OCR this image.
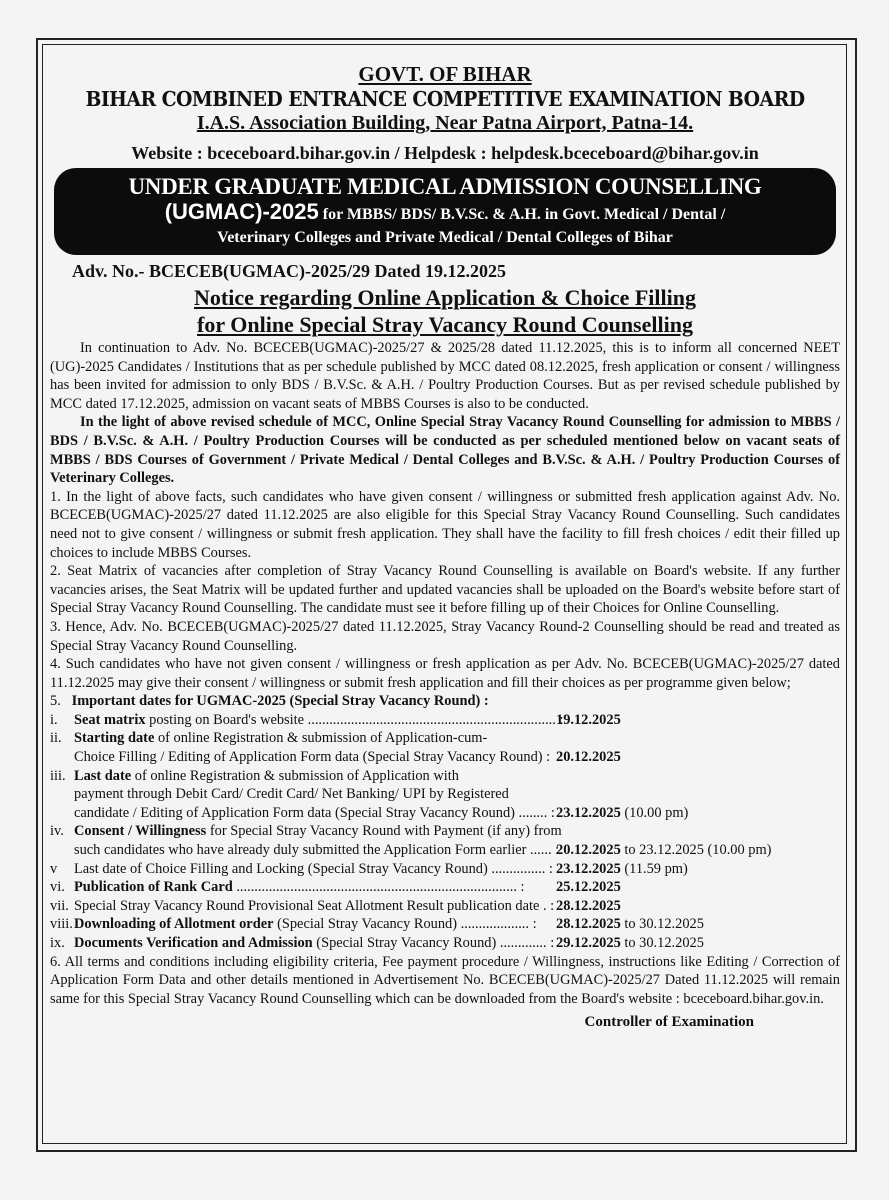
GOVT. OF BIHAR
BIHAR COMBINED ENTRANCE COMPETITIVE EXAMINATION BOARD
I.A.S. Association Building, Near Patna Airport, Patna-14.
Website : bceceboard.bihar.gov.in / Helpdesk : helpdesk.bceceboard@bihar.gov.in
UNDER GRADUATE MEDICAL ADMISSION COUNSELLING
(UGMAC)-2025 for MBBS/ BDS/ B.V.Sc. & A.H. in Govt. Medical / Dental /
Veterinary Colleges and Private Medical / Dental Colleges of Bihar
Adv. No.- BCECEB(UGMAC)-2025/29 Dated 19.12.2025
Notice regarding Online Application & Choice Filling
for Online Special Stray Vacancy Round Counselling

In continuation to Adv. No. BCECEB(UGMAC)-2025/27 & 2025/28 dated 11.12.2025, this is to inform all concerned NEET (UG)-2025 Candidates / Institutions that as per schedule published by MCC dated 08.12.2025, fresh application or consent / willingness has been invited for admission to only BDS / B.V.Sc. & A.H. / Poultry Production Courses. But as per revised schedule published by MCC dated 17.12.2025, admission on vacant seats of MBBS Courses is also to be conducted.

In the light of above revised schedule of MCC, Online Special Stray Vacancy Round Counselling for admission to MBBS / BDS / B.V.Sc. & A.H. / Poultry Production Courses will be conducted as per scheduled mentioned below on vacant seats of MBBS / BDS Courses of Government / Private Medical / Dental Colleges and B.V.Sc. & A.H. / Poultry Production Courses of Veterinary Colleges.

1. In the light of above facts, such candidates who have given consent / willingness or submitted fresh application against Adv. No. BCECEB(UGMAC)-2025/27 dated 11.12.2025 are also eligible for this Special Stray Vacancy Round Counselling. Such candidates need not to give consent / willingness or submit fresh application. They shall have the facility to fill fresh choices / edit their filled up choices to include MBBS Courses.

2. Seat Matrix of vacancies after completion of Stray Vacancy Round Counselling is available on Board's website. If any further vacancies arises, the Seat Matrix will be updated further and updated vacancies shall be uploaded on the Board's website before start of Special Stray Vacancy Round Counselling. The candidate must see it before filling up of their Choices for Online Counselling.

3. Hence, Adv. No. BCECEB(UGMAC)-2025/27 dated 11.12.2025, Stray Vacancy Round-2 Counselling should be read and treated as Special Stray Vacancy Round Counselling.

4. Such candidates who have not given consent / willingness or fresh application as per Adv. No. BCECEB(UGMAC)-2025/27 dated 11.12.2025 may give their consent / willingness or submit fresh application and fill their choices as per programme given below;

5. Important dates for UGMAC-2025 (Special Stray Vacancy Round) :

i.	Seat matrix posting on Board's website ..................................................................... :
19.12.2025
ii. Starting date of online Registration & submission of Application-cum-
Choice Filling / Editing of Application Form data (Special Stray Vacancy Round) : 20.12.2025
iii. Last date of online Registration & submission of Application with
payment through Debit Card/ Credit Card/ Net Banking/ UPI by Registered
candidate / Editing of Application Form data (Special Stray Vacancy Round) ........ : 23.12.2025 (10.00 pm)
iv. Consent / Willingness for Special Stray Vacancy Round with Payment (if any) from
such candidates who have already duly submitted the Application Form earlier ...... :
20.12.2025 to 23.12.2025 (10.00 pm)
v	Last date of Choice Filling and Locking (Special Stray Vacancy Round) ............... : 23.12.2025 (11.59 pm)
vi. Publication of Rank Card .............................................................................. :	25.12.2025
vii. Special Stray Vacancy Round Provisional Seat Allotment Result publication date . : 28.12.2025
viii. Downloading of Allotment order (Special Stray Vacancy Round) ................... :	28.12.2025 to 30.12.2025
ix. Documents Verification and Admission (Special Stray Vacancy Round) ............. : 29.12.2025 to 30.12.2025

6. All terms and conditions including eligibility criteria, Fee payment procedure / Willingness, instructions like Editing / Correction of Application Form Data and other details mentioned in Advertisement No. BCECEB(UGMAC)-2025/27 Dated 11.12.2025 will remain same for this Special Stray Vacancy Round Counselling which can be downloaded from the Board's website : bceceboard.bihar.gov.in.

Controller of Examination
